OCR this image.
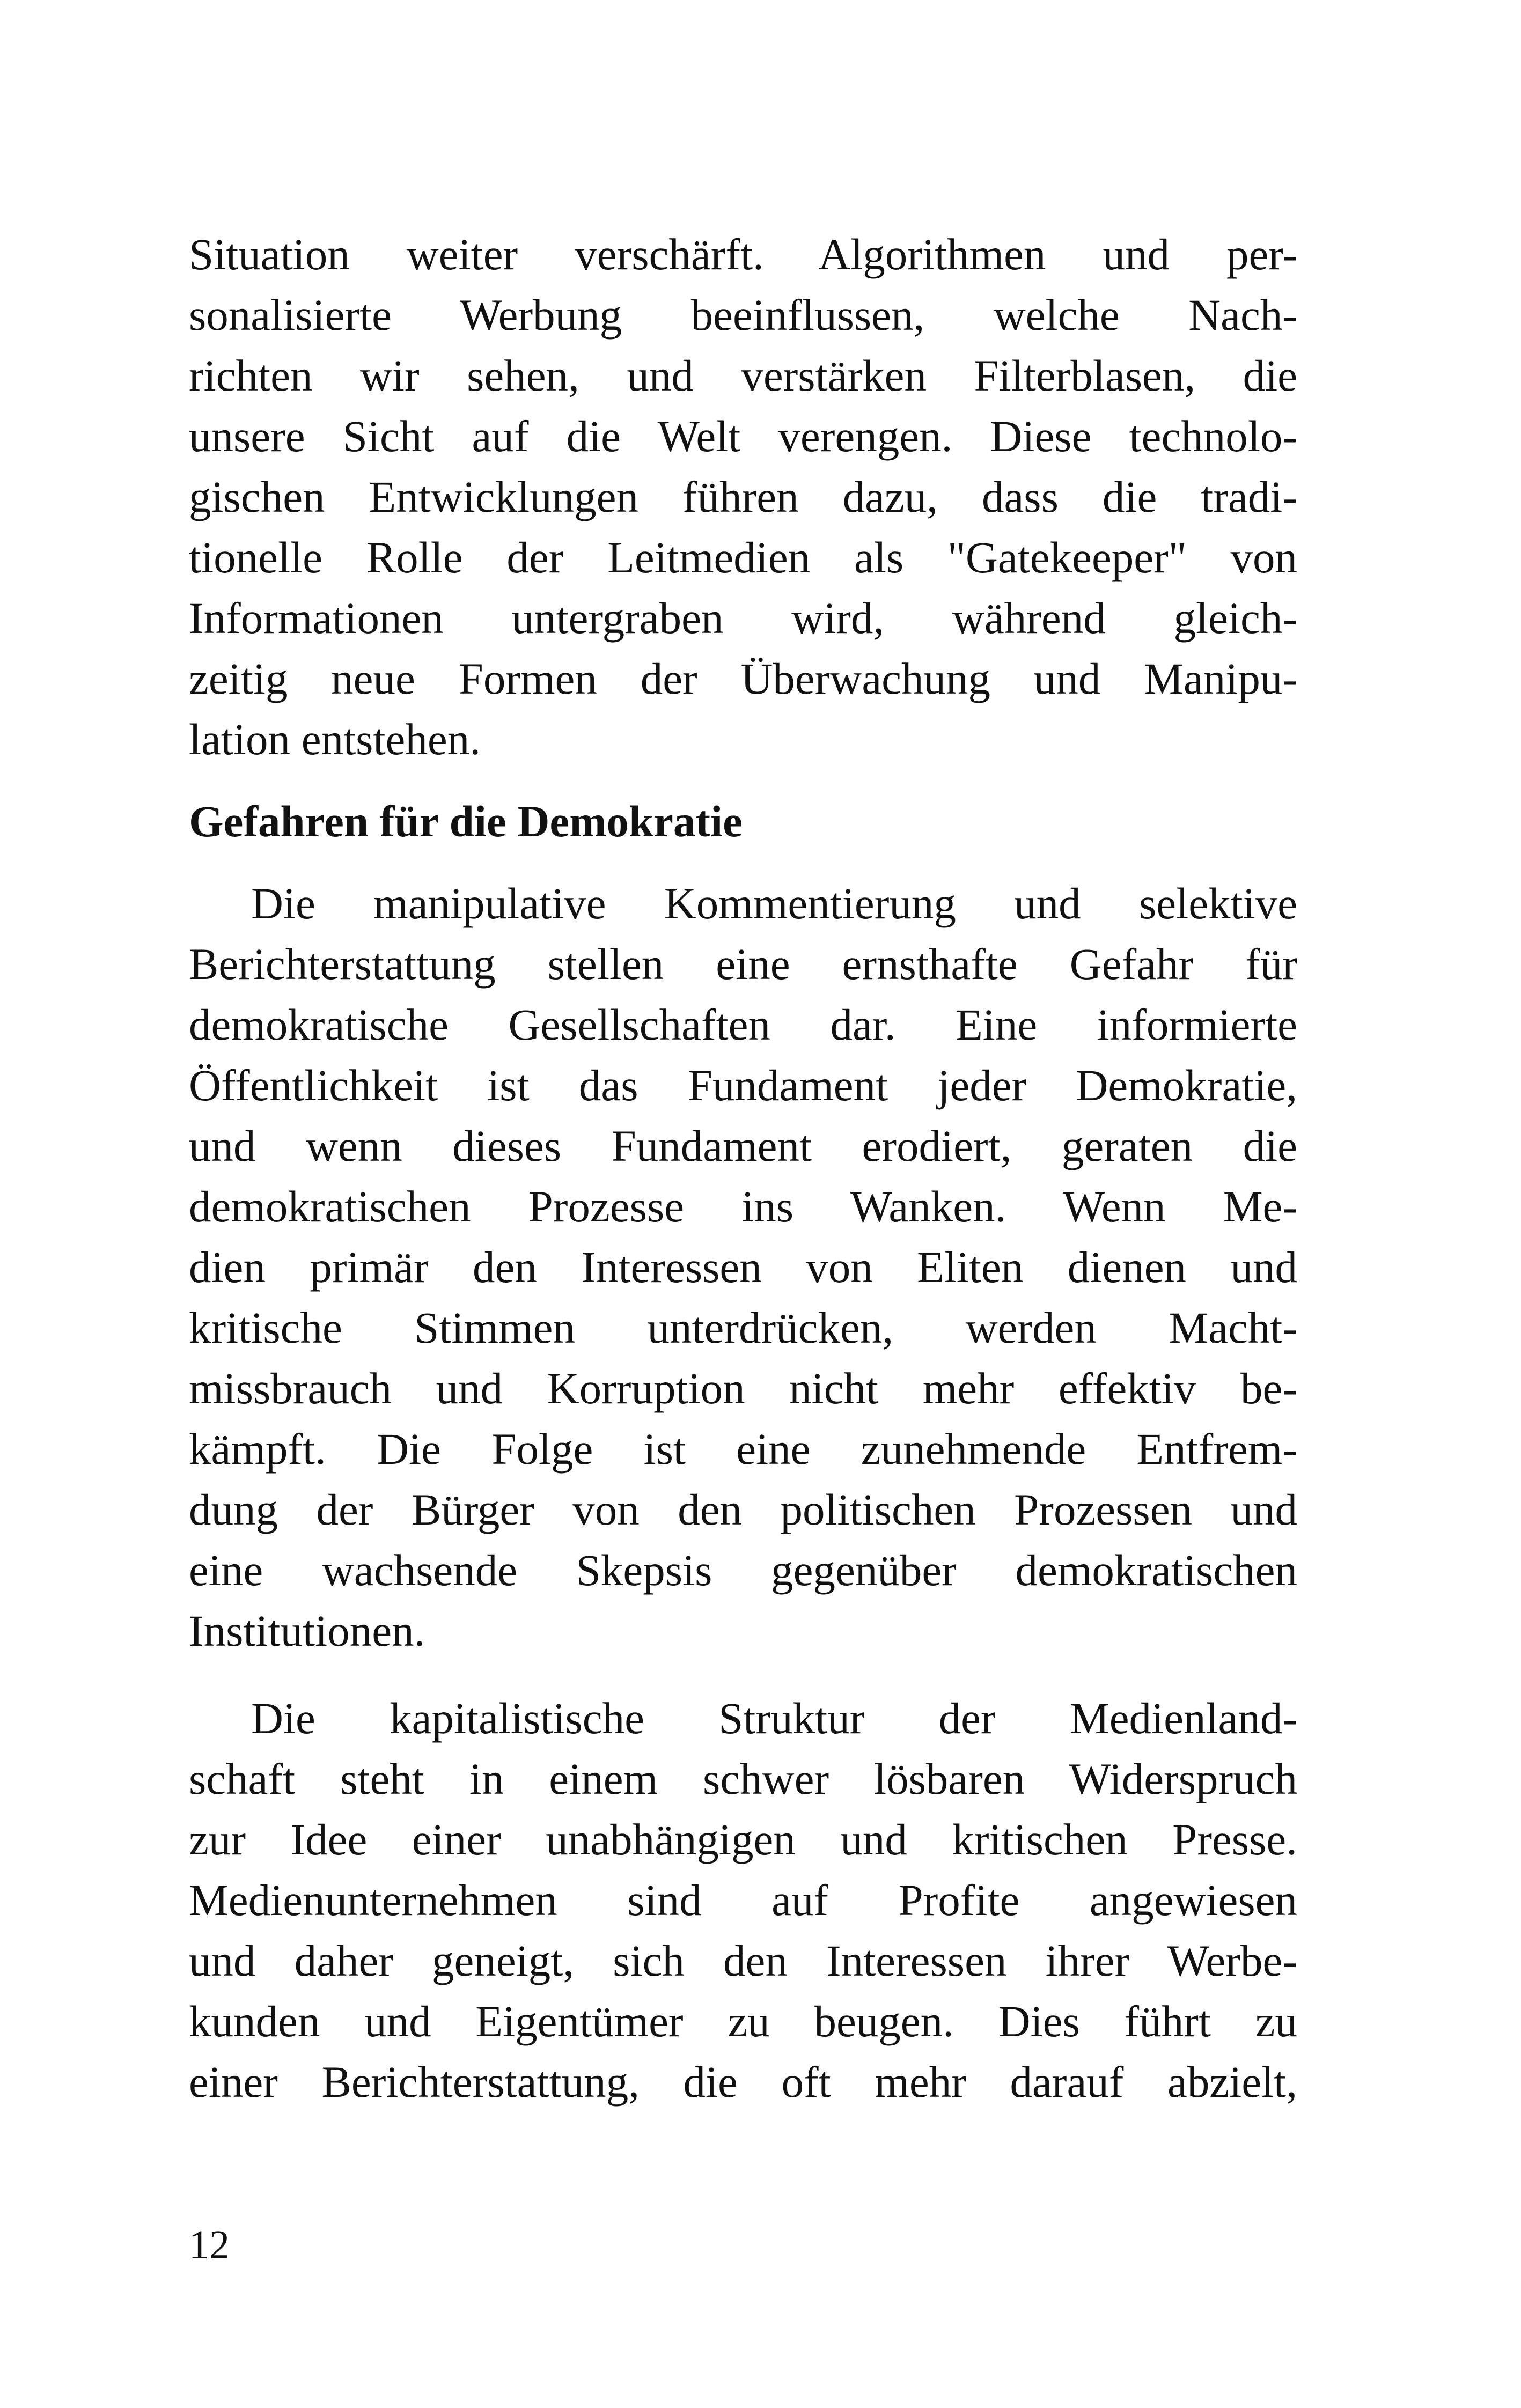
Situation weiter verschärft. Algorithmen und per-
sonalisierte Werbung beeinflussen, welche Nach-
richten wir sehen, und verstärken Filterblasen, die
unsere Sicht auf die Welt verengen. Diese technolo-
gischen Entwicklungen führen dazu, dass die tradi-
tionelle Rolle der Leitmedien als "Gatekeeper" von
Informationen untergraben wird, während gleich-
zeitig neue Formen der Überwachung und Manipu-
lation entstehen.
Gefahren für die Demokratie
Die manipulative Kommentierung und selektive
Berichterstattung stellen eine ernsthafte Gefahr für
demokratische Gesellschaften dar. Eine informierte
Öffentlichkeit ist das Fundament jeder Demokratie,
und wenn dieses Fundament erodiert, geraten die
demokratischen Prozesse ins Wanken. Wenn Me-
dien primär den Interessen von Eliten dienen und
kritische Stimmen unterdrücken, werden Macht-
missbrauch und Korruption nicht mehr effektiv be-
kämpft. Die Folge ist eine zunehmende Entfrem-
dung der Bürger von den politischen Prozessen und
eine wachsende Skepsis gegenüber demokratischen
Institutionen.
Die kapitalistische Struktur der Medienland-
schaft steht in einem schwer lösbaren Widerspruch
zur Idee einer unabhängigen und kritischen Presse.
Medienunternehmen sind auf Profite angewiesen
und daher geneigt, sich den Interessen ihrer Werbe-
kunden und Eigentümer zu beugen. Dies führt zu
einer Berichterstattung, die oft mehr darauf abzielt,
12
